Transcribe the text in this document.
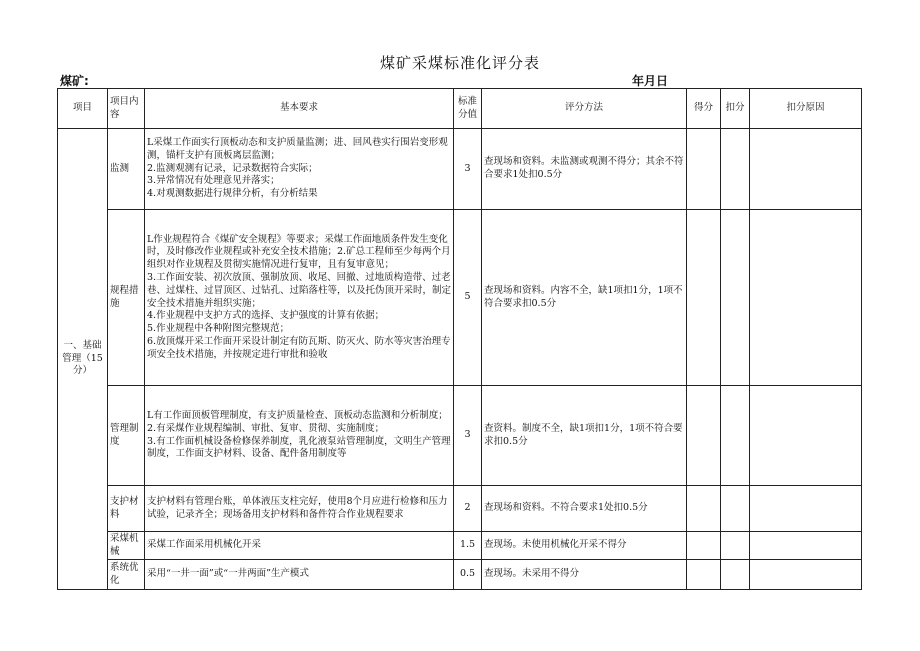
煤矿采煤标准化评分表
煤矿:	年月日
项目	项目内容	基本要求	标准分值	评分方法	得分	扣分	扣分原因
一、基础管理（15分）	监测	L采煤工作面实行顶板动态和支护质量监测；进、回风巷实行围岩变形观测，锚杆支护有顶板离层监测；
2.监测观测有记录，记录数据符合实际；
3.异常情况有处理意见并落实；
4.对观测数据进行规律分析，有分析结果	3	查现场和资料。未监测或观测不得分；其余不符合要求1处扣0.5分			
	规程措施	L作业规程符合《煤矿安全规程》等要求；采煤工作面地质条件发生变化时，及时修改作业规程或补充安全技术措施；2.矿总工程师至少每两个月组织对作业规程及贯彻实施情况进行复审，且有复审意见；
3.工作面安装、初次放顶、强制放顶、收尾、回撤、过地质构造带、过老巷、过煤柱、过冒顶区、过钻孔、过陷落柱等，以及托伪顶开采时，制定安全技术措施并组织实施；
4.作业规程中支护方式的选择、支护强度的计算有依据；
5.作业规程中各种附图完整规范；
6.放顶煤开采工作面开采设计制定有防瓦斯、防灭火、防水等灾害治理专项安全技术措施，并按规定进行审批和验收	5	查现场和资料。内容不全，缺1项扣1分，1项不符合要求扣0.5分			
	管理制度	L有工作面顶板管理制度，有支护质量检查、顶板动态监测和分析制度；
2.有采煤作业规程编制、审批、复审、贯彻、实施制度；
3.有工作面机械设备检修保养制度，乳化液泵站管理制度，文明生产管理制度，工作面支护材料、设备、配件备用制度等	3	查资料。制度不全，缺1项扣1分，1项不符合要求扣0.5分			
	支护材料	支护材料有管理台账，单体液压支柱完好，使用8个月应进行检修和压力试验，记录齐全；现场备用支护材料和备件符合作业规程要求	2	查现场和资料。不符合要求1处扣0.5分			
	采煤机械	采煤工作面采用机械化开采	1.5	查现场。未使用机械化开采不得分			
	系统优化	采用“一井一面”或“一井两面”生产模式	0.5	查现场。未采用不得分			
